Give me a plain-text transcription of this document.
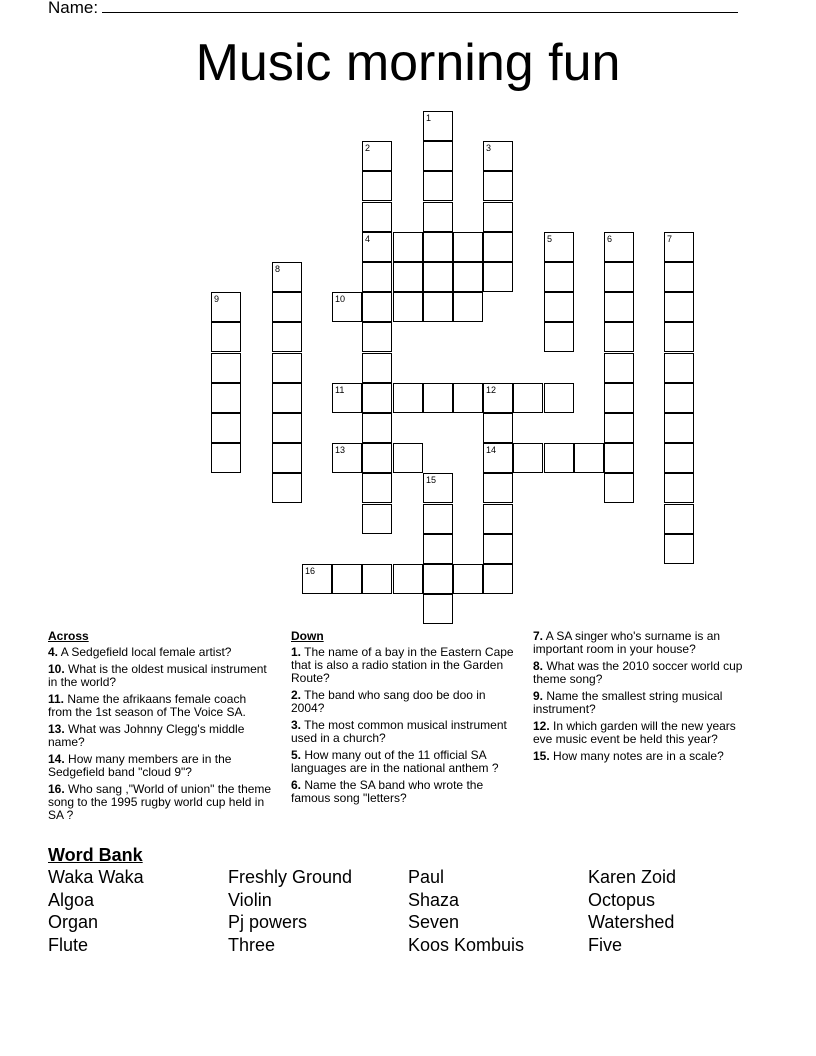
Name:
Music morning fun
1
2
4
3
5	6	7
8
9	10
11	12
14
13
15
16
Across
4. A Sedgefield local female artist?
10. What is the oldest musical instrument in the world?
11. Name the afrikaans female coach from the 1st season of The Voice SA.
13. What was Johnny Clegg's middle name?
14. How many members are in the Sedgefield band "cloud 9"?
16. Who sang ,"World of union" the theme song to the 1995 rugby world cup held in SA ?
Down
1. The name of a bay in the Eastern Cape that is also a radio station in the Garden Route?
2. The band who sang doo be doo in 2004?
3. The most common musical instrument used in a church?
5. How many out of the 11 official SA languages are in the national anthem ?
6. Name the SA band who wrote the famous song "letters?
7. A SA singer who's surname is an important room in your house?
8. What was the 2010 soccer world cup theme song?
9. Name the smallest string musical instrument?
12. In which garden will the new years eve music event be held this year?
15. How many notes are in a scale?
Word Bank
Waka Waka
Algoa
Organ
Flute
Freshly Ground
Violin
Pj powers
Three
Paul
Shaza
Seven
Koos Kombuis
Karen Zoid
Octopus
Watershed
Five
